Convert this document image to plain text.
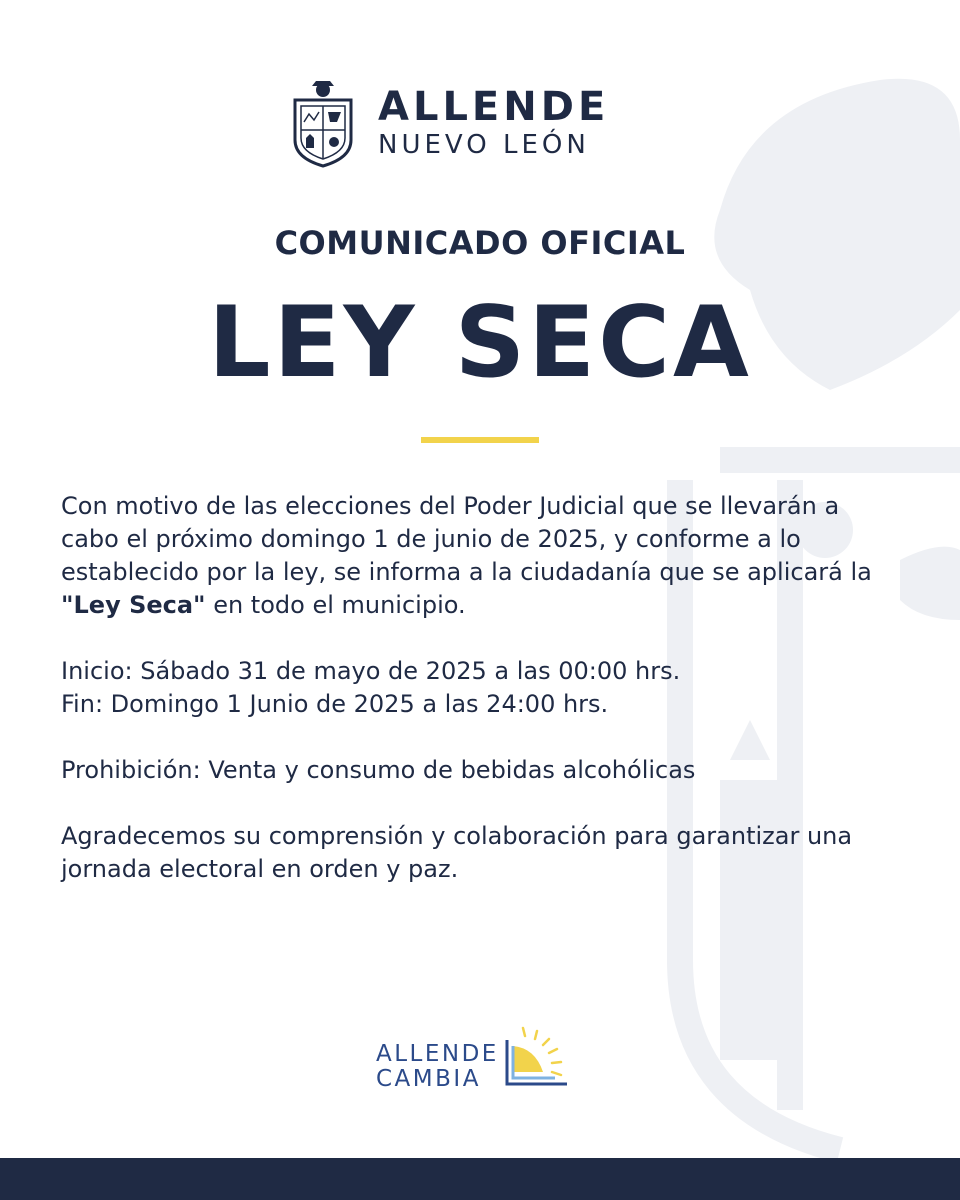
ALLENDE
NUEVO LEÓN
COMUNICADO OFICIAL
LEY SECA

Con motivo de las elecciones del Poder Judicial que se llevarán a cabo el próximo domingo 1 de junio de 2025, y conforme a lo establecido por la ley, se informa a la ciudadanía que se aplicará la "Ley Seca" en todo el municipio.

Inicio: Sábado 31 de mayo de 2025 a las 00:00 hrs.

Fin: Domingo 1 Junio de 2025 a las 24:00 hrs.

Prohibición: Venta y consumo de bebidas alcohólicas

Agradecemos su comprensión y colaboración para garantizar una jornada electoral en orden y paz.

ALLENDE
CAMBIA
